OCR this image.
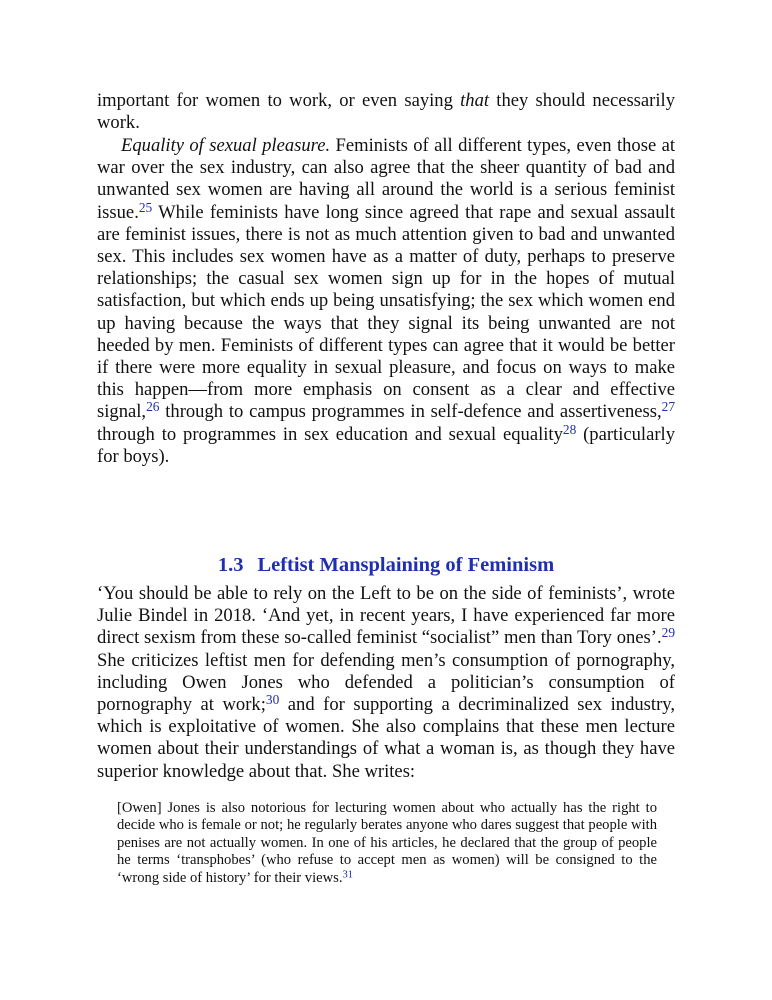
important for women to work, or even saying that they should necessarily work.

Equality of sexual pleasure. Feminists of all different types, even those at war over the sex industry, can also agree that the sheer quantity of bad and unwanted sex women are having all around the world is a serious feminist issue.$^{25}$ While feminists have long since agreed that rape and sexual assault are feminist issues, there is not as much attention given to bad and unwanted sex. This includes sex women have as a matter of duty, perhaps to preserve relationships; the casual sex women sign up for in the hopes of mutual satisfaction, but which ends up being unsatisfying; the sex which women end up having because the ways that they signal its being unwanted are not heeded by men. Feminists of different types can agree that it would be better if there were more equality in sexual pleasure, and focus on ways to make this happen—from more emphasis on consent as a clear and effective signal,$^{26}$ through to campus programmes in self-defence and assertiveness,$^{27}$ through to programmes in sex education and sexual equality$^{28}$ (particularly for boys).

1.3 Leftist Mansplaining of Feminism

‘You should be able to rely on the Left to be on the side of feminists’, wrote Julie Bindel in 2018. ‘And yet, in recent years, I have experienced far more direct sexism from these so-called feminist “socialist” men than Tory ones’.$^{29}$ She criticizes leftist men for defending men’s consumption of pornography, including Owen Jones who defended a politician’s consumption of pornography at work;$^{30}$ and for supporting a decriminalized sex industry, which is exploitative of women. She also complains that these men lecture women about their understandings of what a woman is, as though they have superior knowledge about that. She writes:

[Owen] Jones is also notorious for lecturing women about who actually has the right to decide who is female or not; he regularly berates anyone who dares suggest that people with penises are not actually women. In one of his articles, he declared that the group of people he terms ‘transphobes’ (who refuse to accept men as women) will be consigned to the ‘wrong side of history’ for their views.$^{31}$
